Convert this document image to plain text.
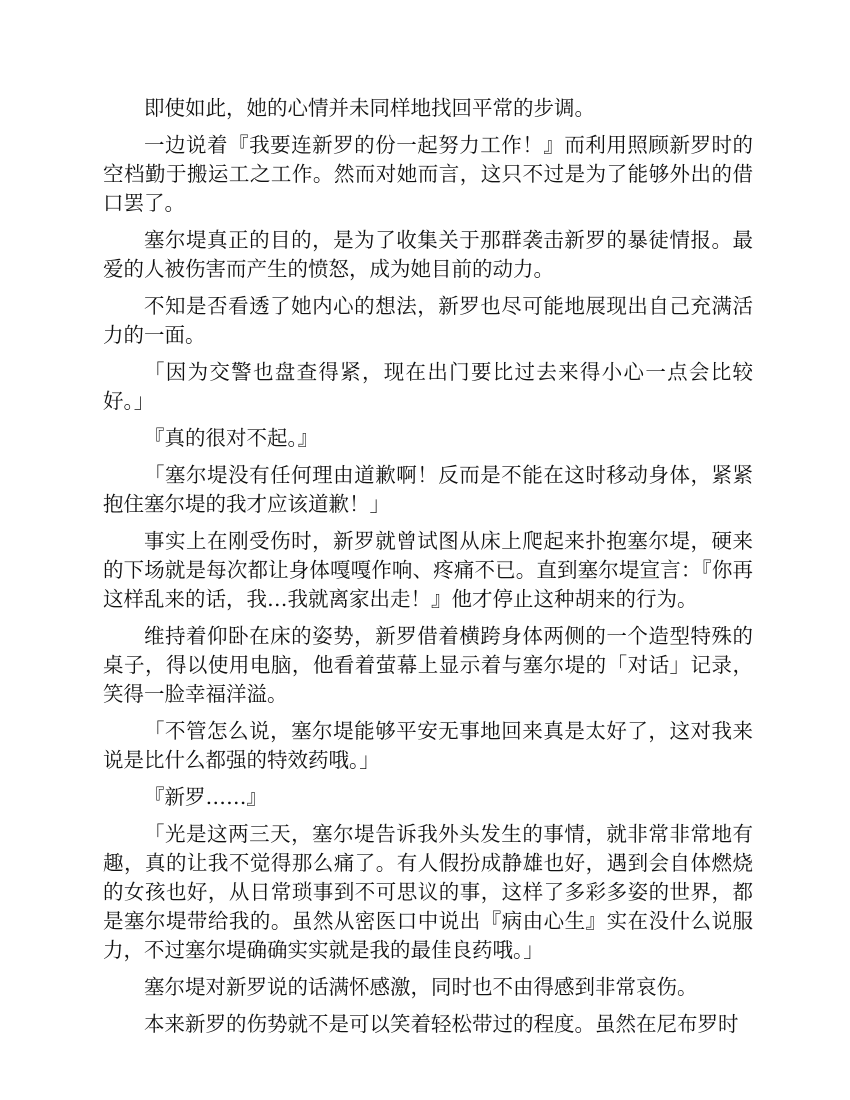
即使如此，她的心情并未同样地找回平常的步调。

一边说着『我要连新罗的份一起努力工作！』而利用照顾新罗时的空档勤于搬运工之工作。然而对她而言，这只不过是为了能够外出的借口罢了。

塞尔堤真正的目的，是为了收集关于那群袭击新罗的暴徒情报。最爱的人被伤害而产生的愤怒，成为她目前的动力。

不知是否看透了她内心的想法，新罗也尽可能地展现出自己充满活力的一面。

「因为交警也盘查得紧，现在出门要比过去来得小心一点会比较好。」

『真的很对不起。』

「塞尔堤没有任何理由道歉啊！反而是不能在这时移动身体，紧紧抱住塞尔堤的我才应该道歉！」

事实上在刚受伤时，新罗就曾试图从床上爬起来扑抱塞尔堤，硬来的下场就是每次都让身体嘎嘎作响、疼痛不已。直到塞尔堤宣言：『你再这样乱来的话，我…我就离家出走！』他才停止这种胡来的行为。

维持着仰卧在床的姿势，新罗借着横跨身体两侧的一个造型特殊的桌子，得以使用电脑，他看着萤幕上显示着与塞尔堤的「对话」记录，笑得一脸幸福洋溢。

「不管怎么说，塞尔堤能够平安无事地回来真是太好了，这对我来说是比什么都强的特效药哦。」

『新罗……』

「光是这两三天，塞尔堤告诉我外头发生的事情，就非常非常地有趣，真的让我不觉得那么痛了。有人假扮成静雄也好，遇到会自体燃烧的女孩也好，从日常琐事到不可思议的事，这样了多彩多姿的世界，都是塞尔堤带给我的。虽然从密医口中说出『病由心生』实在没什么说服力，不过塞尔堤确确实实就是我的最佳良药哦。」

塞尔堤对新罗说的话满怀感激，同时也不由得感到非常哀伤。

本来新罗的伤势就不是可以笑着轻松带过的程度。虽然在尼布罗时
